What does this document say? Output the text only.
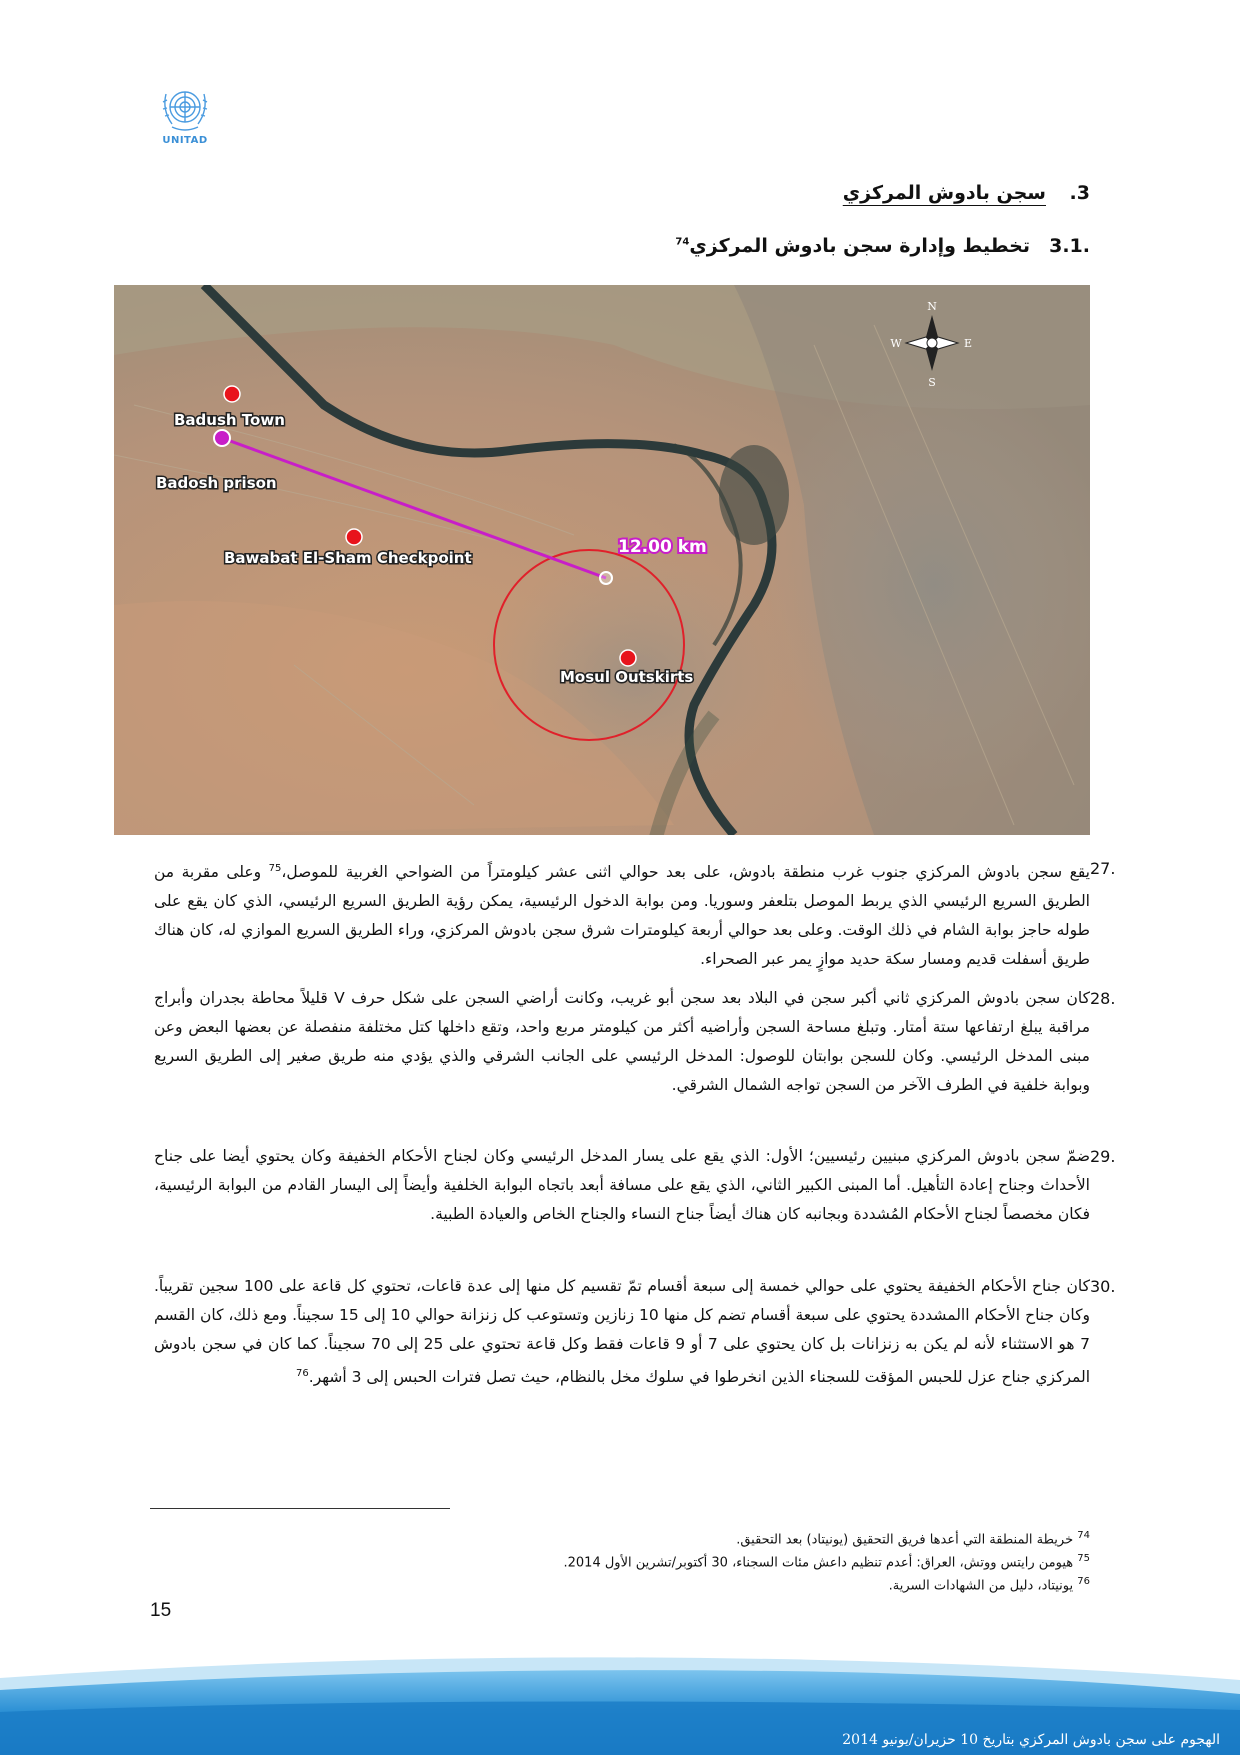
UNITAD
3.سجن بادوش المركزي
.3.1تخطيط وإدارة سجن بادوش المركزي$^{74}$
N
S
W	E
Badush Town
Badosh prison
Bawabat El-Sham Checkpoint
Mosul Outskirts
12.00 km
.27
يقع سجن بادوش المركزي جنوب غرب منطقة بادوش، على بعد حوالي اثنى عشر كيلومتراً من الضواحي الغربية للموصل،$^{75}$ وعلى مقربة من الطريق السريع الرئيسي الذي يربط الموصل بتلعفر وسوريا. ومن بوابة الدخول الرئيسية، يمكن رؤية الطريق السريع الرئيسي، الذي كان يقع على طوله حاجز بوابة الشام في ذلك الوقت. وعلى بعد حوالي أربعة كيلومترات شرق سجن بادوش المركزي، وراء الطريق السريع الموازي له، كان هناك طريق أسفلت قديم ومسار سكة حديد موازٍ يمر عبر الصحراء.
.28
كان سجن بادوش المركزي ثاني أكبر سجن في البلاد بعد سجن أبو غريب، وكانت أراضي السجن على شكل حرف V قليلاً محاطة بجدران وأبراج مراقبة يبلغ ارتفاعها ستة أمتار. وتبلغ مساحة السجن وأراضيه أكثر من كيلومتر مربع واحد، وتقع داخلها كتل مختلفة منفصلة عن بعضها البعض وعن مبنى المدخل الرئيسي. وكان للسجن بوابتان للوصول: المدخل الرئيسي على الجانب الشرقي والذي يؤدي منه طريق صغير إلى الطريق السريع وبوابة خلفية في الطرف الآخر من السجن تواجه الشمال الشرقي.
.29
ضمّ سجن بادوش المركزي مبنيين رئيسيين؛ الأول: الذي يقع على يسار المدخل الرئيسي وكان لجناح الأحكام الخفيفة وكان يحتوي أيضا على جناح الأحداث وجناح إعادة التأهيل. أما المبنى الكبير الثاني، الذي يقع على مسافة أبعد باتجاه البوابة الخلفية وأيضاً إلى اليسار القادم من البوابة الرئيسية، فكان مخصصاً لجناح الأحكام المُشددة وبجانبه كان هناك أيضاً جناح النساء والجناح الخاص والعيادة الطبية.
.30
كان جناح الأحكام الخفيفة يحتوي على حوالي خمسة إلى سبعة أقسام تمّ تقسيم كل منها إلى عدة قاعات، تحتوي كل قاعة على 100 سجين تقريباً. وكان جناح الأحكام االمشددة يحتوي على سبعة أقسام تضم كل منها 10 زنازين وتستوعب كل زنزانة حوالي 10 إلى 15 سجيناً. ومع ذلك، كان القسم 7 هو الاستثناء لأنه لم يكن به زنزانات بل كان يحتوي على 7 أو 9 قاعات فقط وكل قاعة تحتوي على 25 إلى 70 سجيناً. كما كان في سجن بادوش المركزي جناح عزل للحبس المؤقت للسجناء الذين انخرطوا في سلوك مخل بالنظام، حيث تصل فترات الحبس إلى 3 أشهر.$^{76}$
$^{74}$ خريطة المنطقة التي أعدها فريق التحقيق (يونيتاد) بعد التحقيق.
$^{75}$ هيومن رايتس ووتش، العراق: أعدم تنظيم داعش مئات السجناء، 30 أكتوبر/تشرين الأول 2014.
$^{76}$ يونيتاد، دليل من الشهادات السرية.
15
الهجوم على سجن بادوش المركزي بتاريخ 10 حزيران/يونيو 2014
